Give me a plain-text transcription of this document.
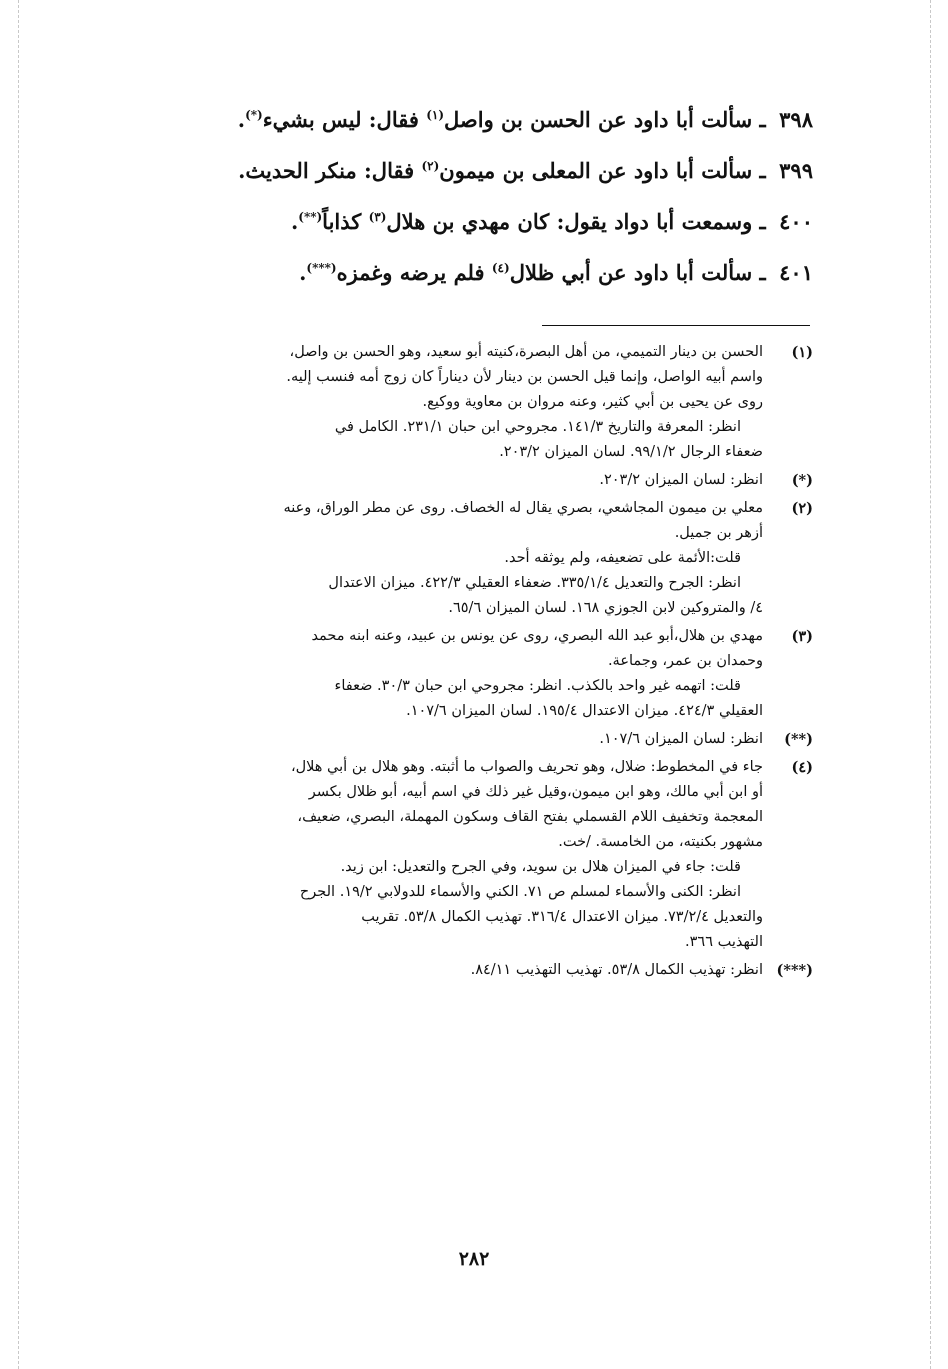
٣٩٨ ـ سألت أبا داود عن الحسن بن واصل$^{(١)}$ فقال: ليس بشيء(*).
٣٩٩ ـ سألت أبا داود عن المعلى بن ميمون$^{(٢)}$ فقال: منكر الحديث.
٤٠٠ ـ وسمعت أبا دواد يقول: كان مهدي بن هلال$^{(٣)}$ كذاباً(**).
٤٠١ ـ سألت أبا داود عن أبي ظلال$^{(٤)}$ فلم يرضه وغمزه(***).
(١)
الحسن بن دينار التميمي، من أهل البصرة،كنيته أبو سعيد، وهو الحسن بن واصل،
واسم أبيه الواصل، وإنما قيل الحسن بن دينار لأن ديناراً كان زوج أمه فنسب إليه.
روى عن يحيى بن أبي كثير، وعنه مروان بن معاوية ووكيع.
انظر: المعرفة والتاريخ ١٤١/٣. مجروحي ابن حبان ٢٣١/١. الكامل في
ضعفاء الرجال ٩٩/١/٢. لسان الميزان ٢٠٣/٢.
(*)
انظر: لسان الميزان ٢٠٣/٢.
(٢)
معلي بن ميمون المجاشعي، بصري يقال له الخصاف. روى عن مطر الوراق، وعنه
أزهر بن جميل.
قلت:الأئمة على تضعيفه، ولم يوثقه أحد.
انظر: الجرح والتعديل ٣٣٥/١/٤. ضعفاء العقيلي ٤٢٢/٣. ميزان الاعتدال
٤/ والمتروكين لابن الجوزي ١٦٨. لسان الميزان ٦٥/٦.
(٣)
مهدي بن هلال،أبو عبد الله البصري، روى عن يونس بن عبيد، وعنه ابنه محمد
وحمدان بن عمر، وجماعة.
قلت: اتهمه غير واحد بالكذب. انظر: مجروحي ابن حبان ٣٠/٣. ضعفاء
العقيلي ٤٢٤/٣. ميزان الاعتدال ١٩٥/٤. لسان الميزان ١٠٧/٦.
(**)
انظر: لسان الميزان ١٠٧/٦.
(٤)
جاء في المخطوط: ضلال، وهو تحريف والصواب ما أثبته. وهو هلال بن أبي هلال،
أو ابن أبي مالك، وهو ابن ميمون،وقيل غير ذلك في اسم أبيه، أبو ظلال بكسر
المعجمة وتخفيف اللام القسملي بفتح القاف وسكون المهملة، البصري، ضعيف،
مشهور بكنيته، من الخامسة. /خت.
قلت: جاء في الميزان هلال بن سويد، وفي الجرح والتعديل: ابن زيد.
انظر: الكنى والأسماء لمسلم ص ٧١. الكني والأسماء للدولابي ١٩/٢. الجرح
والتعديل ٧٣/٢/٤. ميزان الاعتدال ٣١٦/٤. تهذيب الكمال ٥٣/٨. تقريب
التهذيب ٣٦٦.
(***)
انظر: تهذيب الكمال ٥٣/٨. تهذيب التهذيب ٨٤/١١.
٢٨٢
